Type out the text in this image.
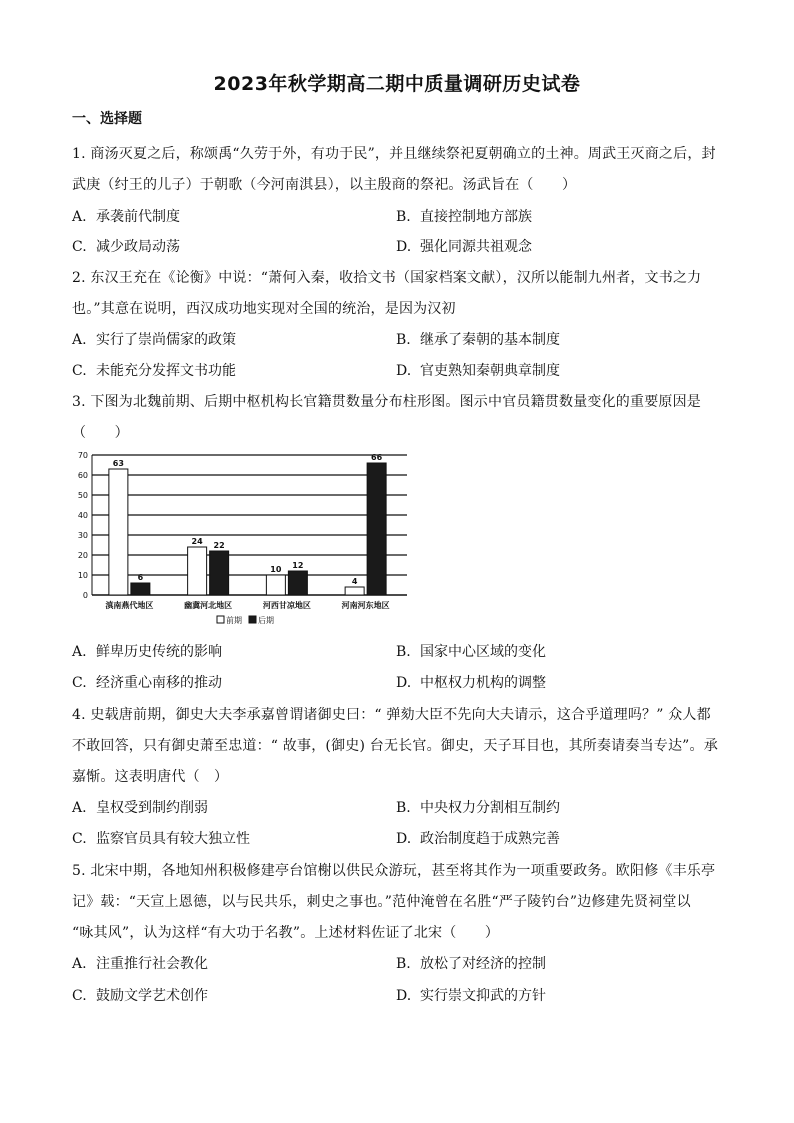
2023年秋学期高二期中质量调研历史试卷
一、选择题
1. 商汤灭夏之后，称颂禹“久劳于外，有功于民”，并且继续祭祀夏朝确立的土神。周武王灭商之后，封
武庚（纣王的儿子）于朝歌（今河南淇县），以主殷商的祭祀。汤武旨在（　　）
A. 承袭前代制度	B. 直接控制地方部族
C. 减少政局动荡	D. 强化同源共祖观念
2. 东汉王充在《论衡》中说：“萧何入秦，收拾文书（国家档案文献），汉所以能制九州者，文书之力
也。”其意在说明，西汉成功地实现对全国的统治，是因为汉初
A. 实行了崇尚儒家的政策	B. 继承了秦朝的基本制度
C. 未能充分发挥文书功能	D. 官吏熟知秦朝典章制度
3. 下图为北魏前期、后期中枢机构长官籍贯数量分布柱形图。图示中官员籍贯数量变化的重要原因是
（　　）
0
10
20
30
40
50
60
70
63
6
24 22
10 12
4
66
滇南燕代地区	幽冀河北地区	河西甘凉地区	河南河东地区
前期 后期
A. 鲜卑历史传统的影响	B. 国家中心区域的变化
C. 经济重心南移的推动	D. 中枢权力机构的调整
4. 史载唐前期，御史大夫李承嘉曾谓诸御史曰：“ 弹劾大臣不先向大夫请示，这合乎道理吗？” 众人都
不敢回答，只有御史萧至忠道：“ 故事，(御史) 台无长官。御史，天子耳目也，其所奏请奏当专达”。承
嘉惭。这表明唐代（　）
A. 皇权受到制约削弱	B. 中央权力分割相互制约
C. 监察官员具有较大独立性	D. 政治制度趋于成熟完善
5. 北宋中期，各地知州积极修建亭台馆榭以供民众游玩，甚至将其作为一项重要政务。欧阳修《丰乐亭
记》载：“天宣上恩德，以与民共乐，刺史之事也。”范仲淹曾在名胜“严子陵钓台”边修建先贤祠堂以
“咏其风”，认为这样“有大功于名教”。上述材料佐证了北宋（　　）
A. 注重推行社会教化	B. 放松了对经济的控制
C. 鼓励文学艺术创作	D. 实行崇文抑武的方针
